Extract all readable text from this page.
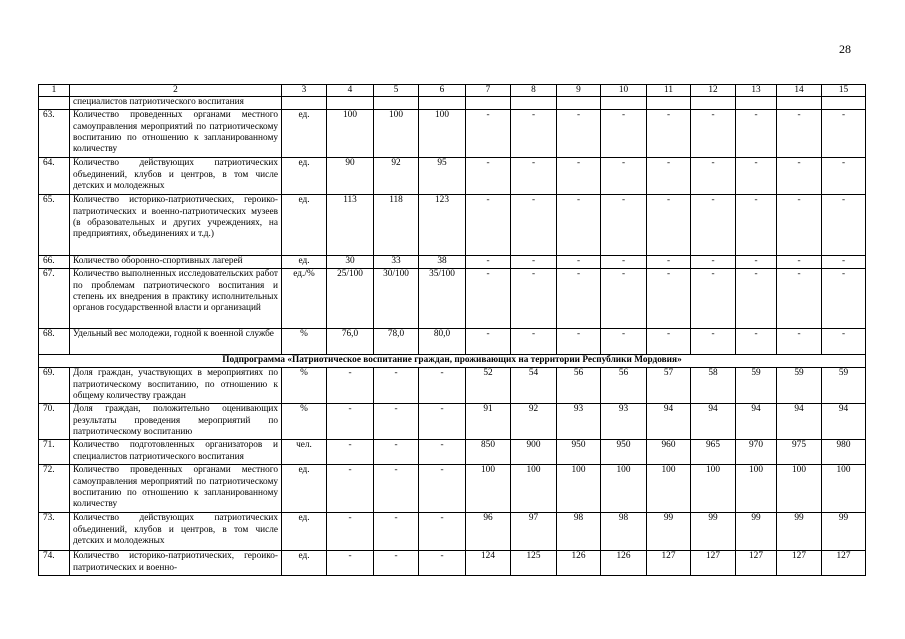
28
1	2	3	4	5	6	7	8	9	10	11	12	13	14	15
	специалистов патриотического воспитания													
63.	Количество проведенных органами местного самоуправления мероприятий по патриотическому воспитанию по отношению к запланированному количеству	ед.	100	100	100	-	-	-	-	-	-	-	-	-
64.	Количество действующих патриотических объединений, клубов и центров, в том числе детских и молодежных	ед.	90	92	95	-	-	-	-	-	-	-	-	-
65.	Количество историко-патриотических, героико-патриотических и военно-патриотических музеев (в образовательных и других учреждениях, на предприятиях, объединениях и т.д.)	ед.	113	118	123	-	-	-	-	-	-	-	-	-
66.	Количество оборонно-спортивных лагерей	ед.	30	33	38	-	-	-	-	-	-	-	-	-
67.	Количество выполненных исследовательских работ по проблемам патриотического воспитания и степень их внедрения в практику исполнительных органов государственной власти и организаций	ед./%	25/100	30/100	35/100	-	-	-	-	-	-	-	-	-
68.	Удельный вес молодежи, годной к военной службе	%	76,0	78,0	80,0	-	-	-	-	-	-	-	-	-
Подпрограмма «Патриотическое воспитание граждан, проживающих на территории Республики Мордовия»														
69.	Доля граждан, участвующих в мероприятиях по патриотическому воспитанию, по отношению к общему количеству граждан	%	-	-	-	52	54	56	56	57	58	59	59	59
70.	Доля граждан, положительно оценивающих результаты проведения мероприятий по патриотическому воспитанию	%	-	-	-	91	92	93	93	94	94	94	94	94
71.	Количество подготовленных организаторов и специалистов патриотического воспитания	чел.	-	-	-	850	900	950	950	960	965	970	975	980
72.	Количество проведенных органами местного самоуправления мероприятий по патриотическому воспитанию по отношению к запланированному количеству	ед.	-	-	-	100	100	100	100	100	100	100	100	100
73.	Количество действующих патриотических объединений, клубов и центров, в том числе детских и молодежных	ед.	-	-	-	96	97	98	98	99	99	99	99	99
74.	Количество историко-патриотических, героико-патриотических и военно-	ед.	-	-	-	124	125	126	126	127	127	127	127	127
